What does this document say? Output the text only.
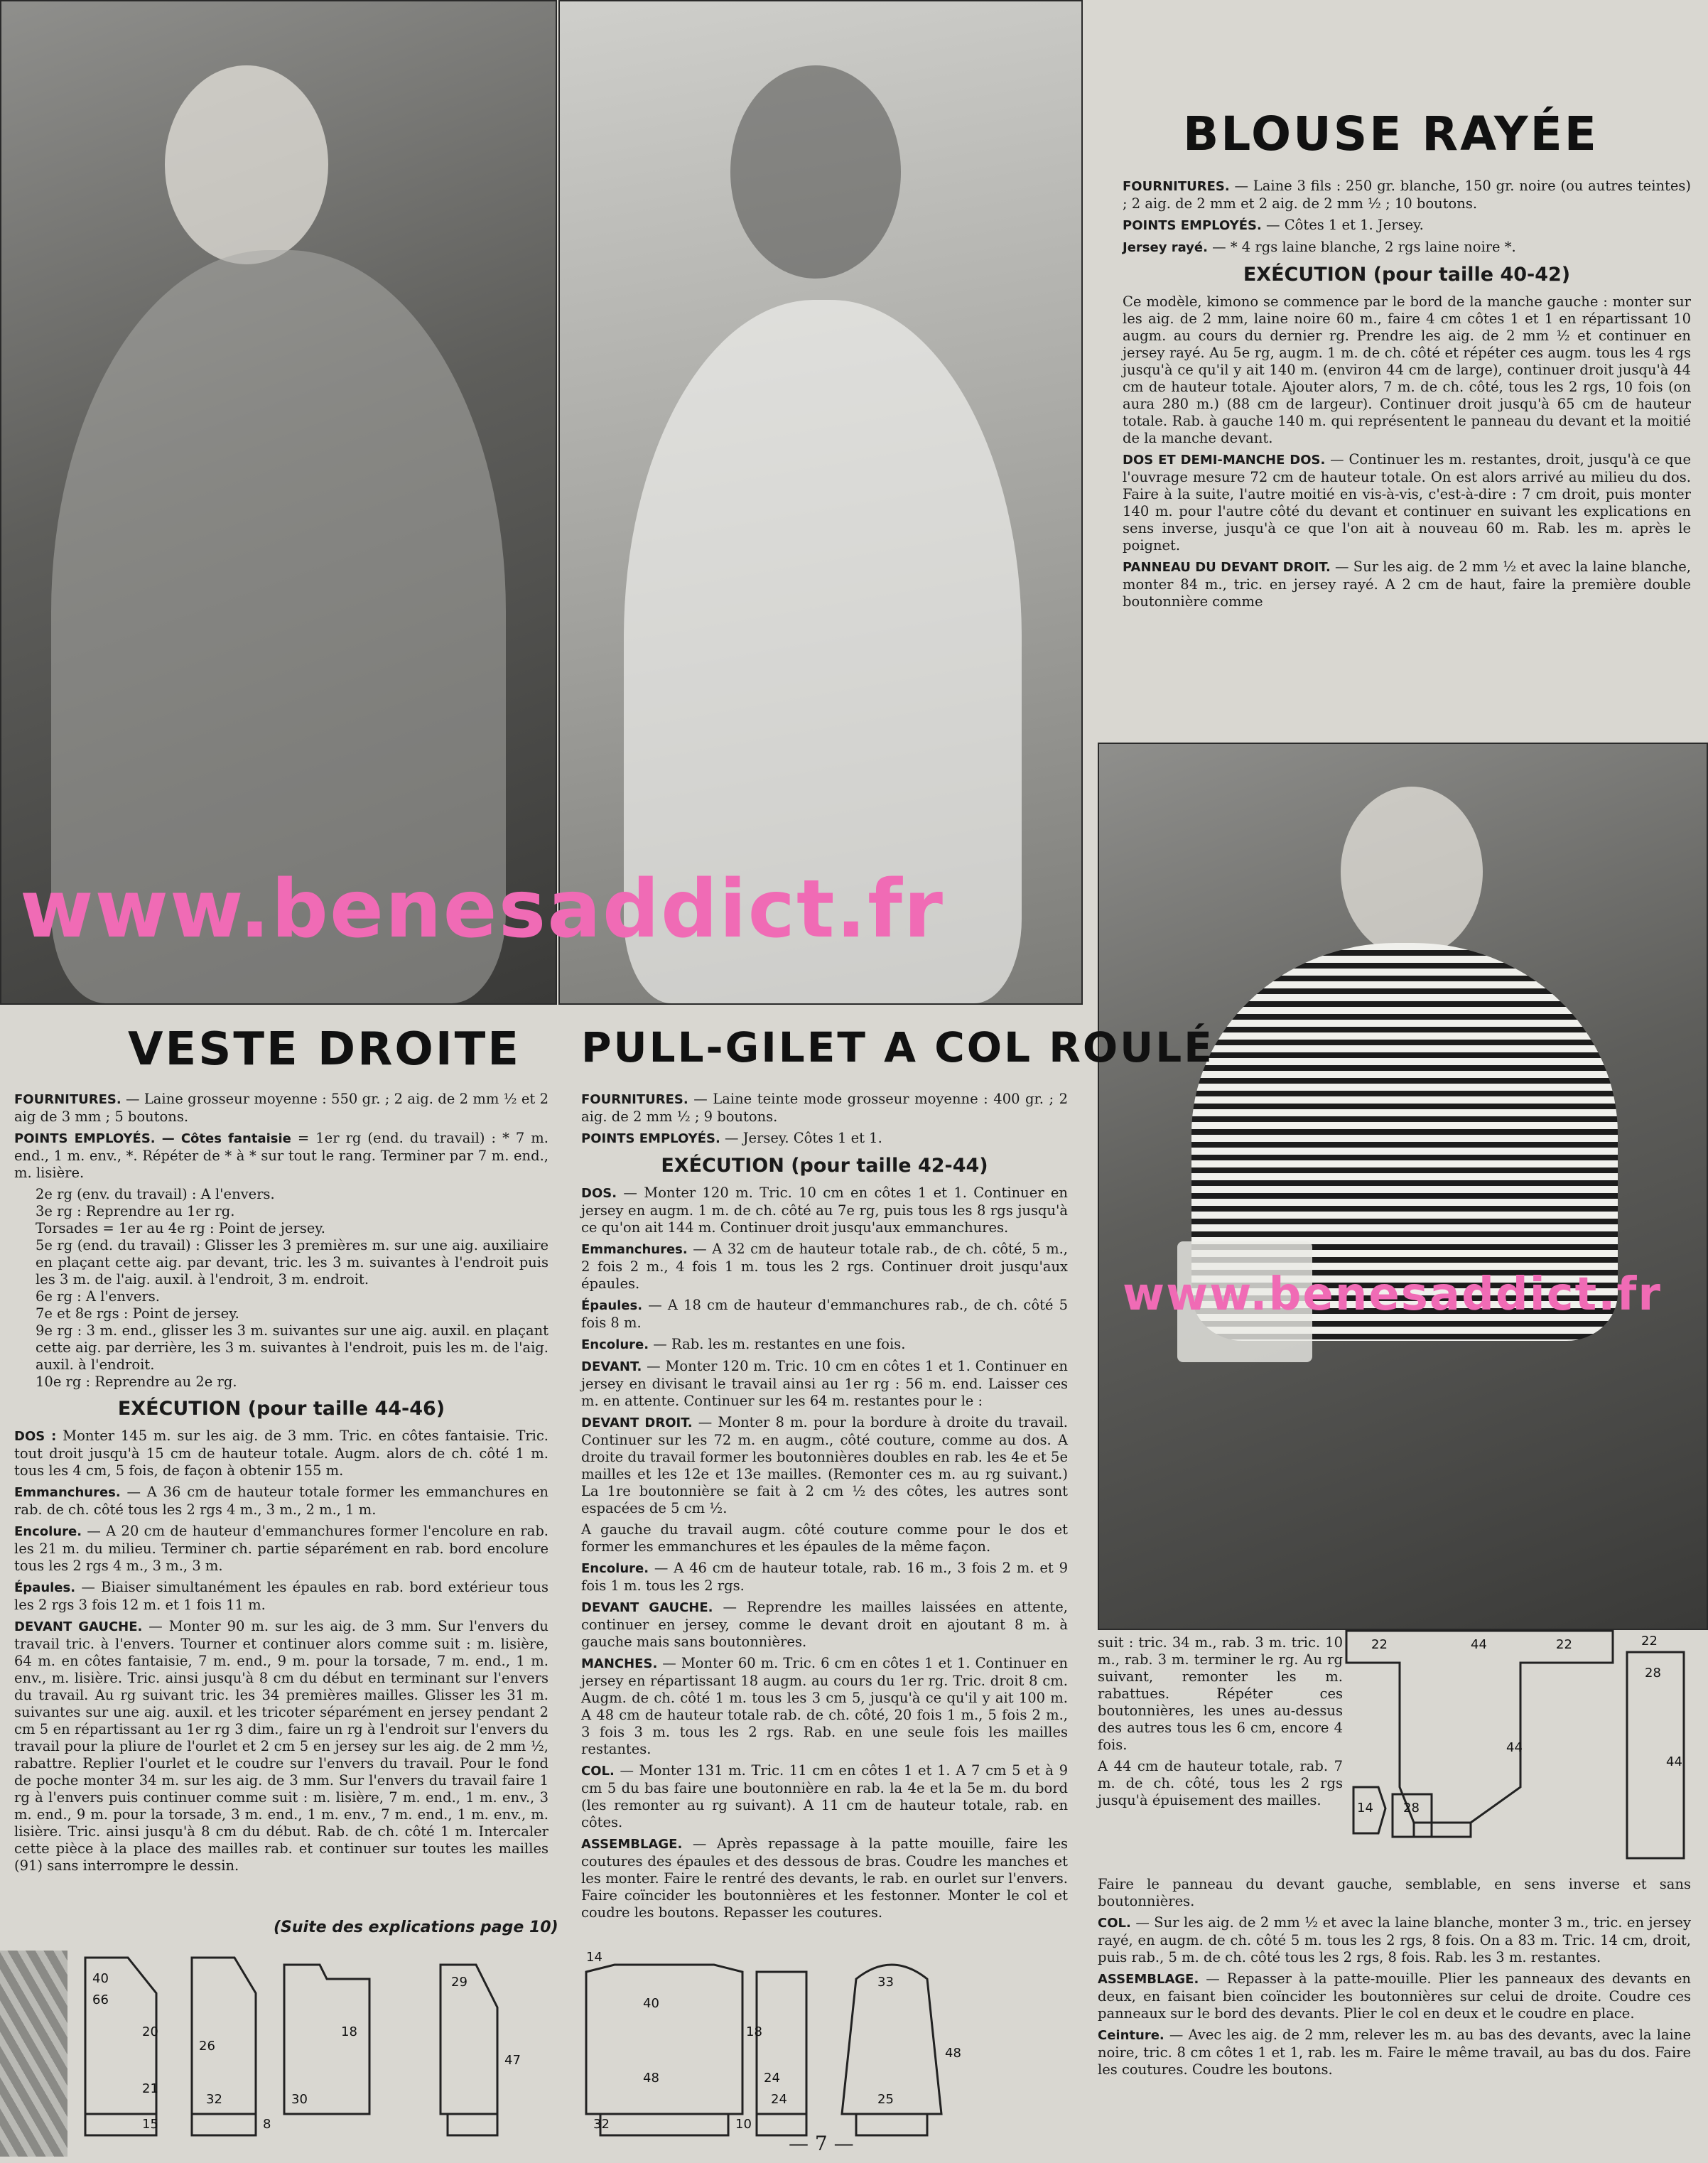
www.benesaddict.fr
www.benesaddict.fr
BLOUSE RAYÉE
VESTE DROITE PULL-GILET A COL ROULÉ

FOURNITURES. — Laine grosseur moyenne : 550 gr. ; 2 aig. de 2 mm ½ et 2 aig de 3 mm ; 5 boutons.

POINTS EMPLOYÉS. — Côtes fantaisie = 1er rg (end. du travail) : * 7 m. end., 1 m. env., *. Répéter de * à * sur tout le rang. Terminer par 7 m. end., m. lisière.

2e rg (env. du travail) : A l'envers.
3e rg : Reprendre au 1er rg.
Torsades = 1er au 4e rg : Point de jersey.
5e rg (end. du travail) : Glisser les 3 premières m. sur une aig. auxiliaire en plaçant cette aig. par devant, tric. les 3 m. suivantes à l'endroit puis les 3 m. de l'aig. auxil. à l'endroit, 3 m. endroit.
6e rg : A l'envers.
7e et 8e rgs : Point de jersey.
9e rg : 3 m. end., glisser les 3 m. suivantes sur une aig. auxil. en plaçant cette aig. par derrière, les 3 m. suivantes à l'endroit, puis les m. de l'aig. auxil. à l'endroit.
10e rg : Reprendre au 2e rg.

EXÉCUTION (pour taille 44-46)

DOS : Monter 145 m. sur les aig. de 3 mm. Tric. en côtes fantaisie. Tric. tout droit jusqu'à 15 cm de hauteur totale. Augm. alors de ch. côté 1 m. tous les 4 cm, 5 fois, de façon à obtenir 155 m.

Emmanchures. — A 36 cm de hauteur totale former les emmanchures en rab. de ch. côté tous les 2 rgs 4 m., 3 m., 2 m., 1 m.

Encolure. — A 20 cm de hauteur d'emmanchures former l'encolure en rab. les 21 m. du milieu. Terminer ch. partie séparément en rab. bord encolure tous les 2 rgs 4 m., 3 m., 3 m.

Épaules. — Biaiser simultanément les épaules en rab. bord extérieur tous les 2 rgs 3 fois 12 m. et 1 fois 11 m.

DEVANT GAUCHE. — Monter 90 m. sur les aig. de 3 mm. Sur l'envers du travail tric. à l'envers. Tourner et continuer alors comme suit : m. lisière, 64 m. en côtes fantaisie, 7 m. end., 9 m. pour la torsade, 7 m. end., 1 m. env., m. lisière. Tric. ainsi jusqu'à 8 cm du début en terminant sur l'envers du travail. Au rg suivant tric. les 34 premières mailles. Glisser les 31 m. suivantes sur une aig. auxil. et les tricoter séparément en jersey pendant 2 cm 5 en répartissant au 1er rg 3 dim., faire un rg à l'endroit sur l'envers du travail pour la pliure de l'ourlet et 2 cm 5 en jersey sur les aig. de 2 mm ½, rabattre. Replier l'ourlet et le coudre sur l'envers du travail. Pour le fond de poche monter 34 m. sur les aig. de 3 mm. Sur l'envers du travail faire 1 rg à l'envers puis continuer comme suit : m. lisière, 7 m. end., 1 m. env., 3 m. end., 9 m. pour la torsade, 3 m. end., 1 m. env., 7 m. end., 1 m. env., m. lisière. Tric. ainsi jusqu'à 8 cm du début. Rab. de ch. côté 1 m. Intercaler cette pièce à la place des mailles rab. et continuer sur toutes les mailles (91) sans interrompre le dessin.

(Suite des explications page 10)

FOURNITURES. — Laine teinte mode grosseur moyenne : 400 gr. ; 2 aig. de 2 mm ½ ; 9 boutons.

POINTS EMPLOYÉS. — Jersey. Côtes 1 et 1.

EXÉCUTION (pour taille 42-44)

DOS. — Monter 120 m. Tric. 10 cm en côtes 1 et 1. Continuer en jersey en augm. 1 m. de ch. côté au 7e rg, puis tous les 8 rgs jusqu'à ce qu'on ait 144 m. Continuer droit jusqu'aux emmanchures.

Emmanchures. — A 32 cm de hauteur totale rab., de ch. côté, 5 m., 2 fois 2 m., 4 fois 1 m. tous les 2 rgs. Continuer droit jusqu'aux épaules.

Épaules. — A 18 cm de hauteur d'emmanchures rab., de ch. côté 5 fois 8 m.

Encolure. — Rab. les m. restantes en une fois.

DEVANT. — Monter 120 m. Tric. 10 cm en côtes 1 et 1. Continuer en jersey en divisant le travail ainsi au 1er rg : 56 m. end. Laisser ces m. en attente. Continuer sur les 64 m. restantes pour le :

DEVANT DROIT. — Monter 8 m. pour la bordure à droite du travail. Continuer sur les 72 m. en augm., côté couture, comme au dos. A droite du travail former les boutonnières doubles en rab. les 4e et 5e mailles et les 12e et 13e mailles. (Remonter ces m. au rg suivant.) La 1re boutonnière se fait à 2 cm ½ des côtes, les autres sont espacées de 5 cm ½.

A gauche du travail augm. côté couture comme pour le dos et former les emmanchures et les épaules de la même façon.

Encolure. — A 46 cm de hauteur totale, rab. 16 m., 3 fois 2 m. et 9 fois 1 m. tous les 2 rgs.

DEVANT GAUCHE. — Reprendre les mailles laissées en attente, continuer en jersey, comme le devant droit en ajoutant 8 m. à gauche mais sans boutonnières.

MANCHES. — Monter 60 m. Tric. 6 cm en côtes 1 et 1. Continuer en jersey en répartissant 18 augm. au cours du 1er rg. Tric. droit 8 cm. Augm. de ch. côté 1 m. tous les 3 cm 5, jusqu'à ce qu'il y ait 100 m. A 48 cm de hauteur totale rab. de ch. côté, 20 fois 1 m., 5 fois 2 m., 3 fois 3 m. tous les 2 rgs. Rab. en une seule fois les mailles restantes.

COL. — Monter 131 m. Tric. 11 cm en côtes 1 et 1. A 7 cm 5 et à 9 cm 5 du bas faire une boutonnière en rab. la 4e et la 5e m. du bord (les remonter au rg suivant). A 11 cm de hauteur totale, rab. en côtes.

ASSEMBLAGE. — Après repassage à la patte mouille, faire les coutures des épaules et des dessous de bras. Coudre les manches et les monter. Faire le rentré des devants, le rab. en ourlet sur l'envers. Faire coïncider les boutonnières et les festonner. Monter le col et coudre les boutons. Repasser les coutures.

FOURNITURES. — Laine 3 fils : 250 gr. blanche, 150 gr. noire (ou autres teintes) ; 2 aig. de 2 mm et 2 aig. de 2 mm ½ ; 10 boutons.

POINTS EMPLOYÉS. — Côtes 1 et 1. Jersey.

Jersey rayé. — * 4 rgs laine blanche, 2 rgs laine noire *.

EXÉCUTION (pour taille 40-42)

Ce modèle, kimono se commence par le bord de la manche gauche : monter sur les aig. de 2 mm, laine noire 60 m., faire 4 cm côtes 1 et 1 en répartissant 10 augm. au cours du dernier rg. Prendre les aig. de 2 mm ½ et continuer en jersey rayé. Au 5e rg, augm. 1 m. de ch. côté et répéter ces augm. tous les 4 rgs jusqu'à ce qu'il y ait 140 m. (environ 44 cm de large), continuer droit jusqu'à 44 cm de hauteur totale. Ajouter alors, 7 m. de ch. côté, tous les 2 rgs, 10 fois (on aura 280 m.) (88 cm de largeur). Continuer droit jusqu'à 65 cm de hauteur totale. Rab. à gauche 140 m. qui représentent le panneau du devant et la moitié de la manche devant.

DOS ET DEMI-MANCHE DOS. — Continuer les m. restantes, droit, jusqu'à ce que l'ouvrage mesure 72 cm de hauteur totale. On est alors arrivé au milieu du dos. Faire à la suite, l'autre moitié en vis-à-vis, c'est-à-dire : 7 cm droit, puis monter 140 m. pour l'autre côté du devant et continuer en suivant les explications en sens inverse, jusqu'à ce que l'on ait à nouveau 60 m. Rab. les m. après le poignet.

PANNEAU DU DEVANT DROIT. — Sur les aig. de 2 mm ½ et avec la laine blanche, monter 84 m., tric. en jersey rayé. A 2 cm de haut, faire la première double boutonnière comme

suit : tric. 34 m., rab. 3 m. tric. 10 m., rab. 3 m. terminer le rg. Au rg suivant, remonter les m. rabattues. Répéter ces boutonnières, les unes au-dessus des autres tous les 6 cm, encore 4 fois.

A 44 cm de hauteur totale, rab. 7 m. de ch. côté, tous les 2 rgs jusqu'à épuisement des mailles.

Faire le panneau du devant gauche, semblable, en sens inverse et sans boutonnières.

COL. — Sur les aig. de 2 mm ½ et avec la laine blanche, monter 3 m., tric. en jersey rayé, en augm. de ch. côté 5 m. tous les 2 rgs, 8 fois. On a 83 m. Tric. 14 cm, droit, puis rab., 5 m. de ch. côté tous les 2 rgs, 8 fois. Rab. les 3 m. restantes.

ASSEMBLAGE. — Repasser à la patte-mouille. Plier les panneaux des devants en deux, en faisant bien coïncider les boutonnières sur celui de droite. Coudre ces panneaux sur le bord des devants. Plier le col en deux et le coudre en place.

Ceinture. — Avec les aig. de 2 mm, relever les m. au bas des devants, avec la laine noire, tric. 8 cm côtes 1 et 1, rab. les m. Faire le même travail, au bas du dos. Faire les coutures. Coudre les boutons.

22	44	22	22
44
28
44
28
14
40
20
66
26
21
15
32
8
29
47
18
30
14
40
48	24
32	10
18
33
25
48
24
— 7 —
